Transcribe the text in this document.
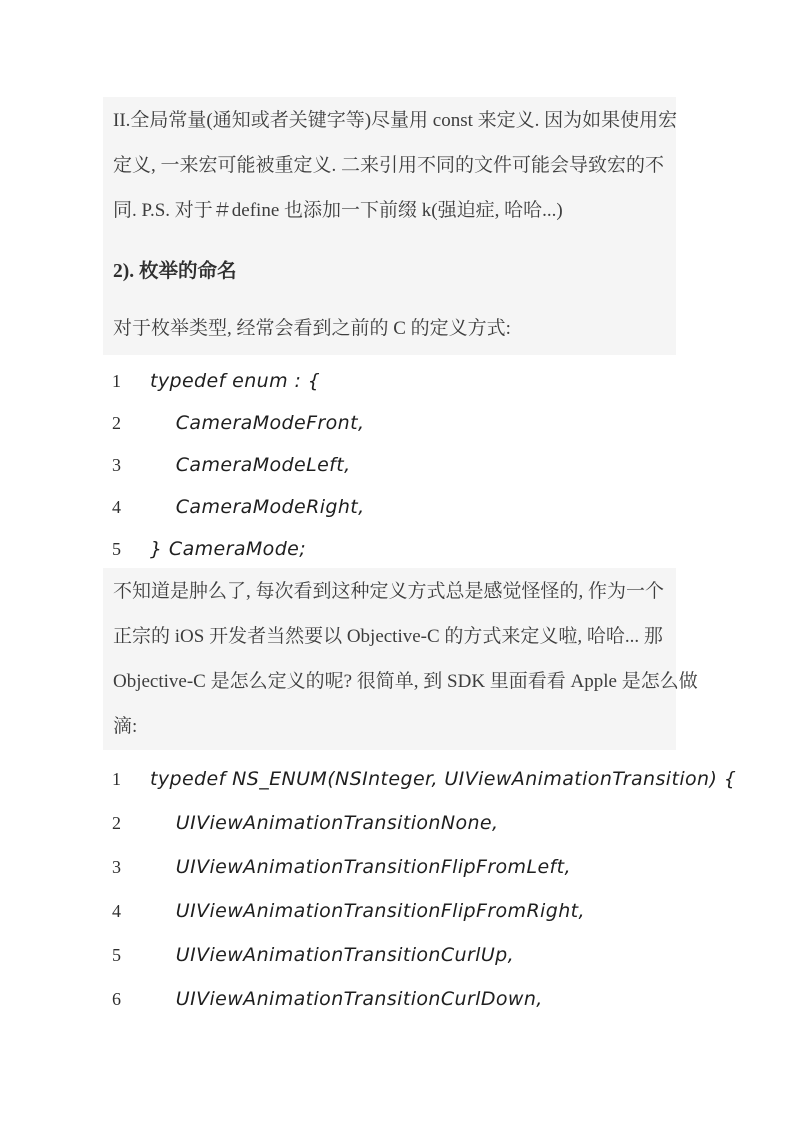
II.全局常量(通知或者关键字等)尽量用 const 来定义. 因为如果使用宏
定义, 一来宏可能被重定义. 二来引用不同的文件可能会导致宏的不
同. P.S. 对于＃define 也添加一下前缀 k(强迫症, 哈哈...)
2). 枚举的命名
对于枚举类型, 经常会看到之前的 C 的定义方式:
1	typedef enum : {
2	CameraModeFront,
3	CameraModeLeft,
4	CameraModeRight,
5	} CameraMode;
不知道是肿么了, 每次看到这种定义方式总是感觉怪怪的, 作为一个
正宗的 iOS 开发者当然要以 Objective-C 的方式来定义啦, 哈哈... 那
Objective-C 是怎么定义的呢? 很简单, 到 SDK 里面看看 Apple 是怎么做
滴:
1	typedef NS_ENUM(NSInteger, UIViewAnimationTransition) {
2	UIViewAnimationTransitionNone,
3	UIViewAnimationTransitionFlipFromLeft,
4	UIViewAnimationTransitionFlipFromRight,
5	UIViewAnimationTransitionCurlUp,
6	UIViewAnimationTransitionCurlDown,
